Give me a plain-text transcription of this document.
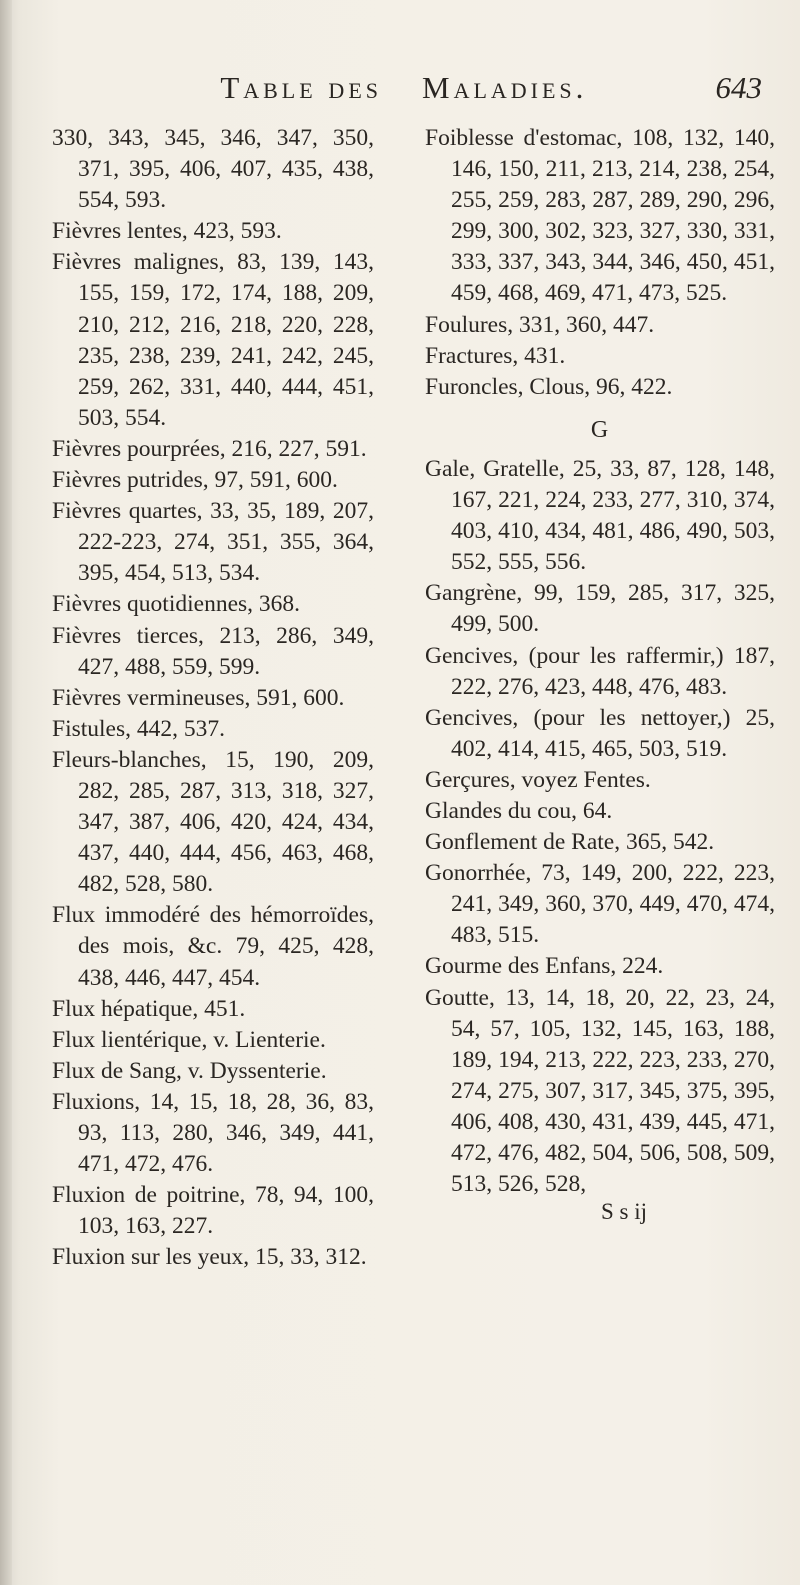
Table des Maladies.	643

330, 343, 345, 346, 347, 350, 371, 395, 406, 407, 435, 438, 554, 593.

Fièvres lentes, 423, 593.

Fièvres malignes, 83, 139, 143, 155, 159, 172, 174, 188, 209, 210, 212, 216, 218, 220, 228, 235, 238, 239, 241, 242, 245, 259, 262, 331, 440, 444, 451, 503, 554.

Fièvres pourprées, 216, 227, 591.

Fièvres putrides, 97, 591, 600.

Fièvres quartes, 33, 35, 189, 207, 222-223, 274, 351, 355, 364, 395, 454, 513, 534.

Fièvres quotidiennes, 368.

Fièvres tierces, 213, 286, 349, 427, 488, 559, 599.

Fièvres vermineuses, 591, 600.

Fistules, 442, 537.

Fleurs-blanches, 15, 190, 209, 282, 285, 287, 313, 318, 327, 347, 387, 406, 420, 424, 434, 437, 440, 444, 456, 463, 468, 482, 528, 580.

Flux immodéré des hémorroïdes, des mois, &c. 79, 425, 428, 438, 446, 447, 454.

Flux hépatique, 451.

Flux lientérique, v. Lienterie.

Flux de Sang, v. Dyssenterie.

Fluxions, 14, 15, 18, 28, 36, 83, 93, 113, 280, 346, 349, 441, 471, 472, 476.

Fluxion de poitrine, 78, 94, 100, 103, 163, 227.

Fluxion sur les yeux, 15, 33, 312.

Foiblesse d'estomac, 108, 132, 140, 146, 150, 211, 213, 214, 238, 254, 255, 259, 283, 287, 289, 290, 296, 299, 300, 302, 323, 327, 330, 331, 333, 337, 343, 344, 346, 450, 451, 459, 468, 469, 471, 473, 525.

Foulures, 331, 360, 447.

Fractures, 431.

Furoncles, Clous, 96, 422.

G

Gale, Gratelle, 25, 33, 87, 128, 148, 167, 221, 224, 233, 277, 310, 374, 403, 410, 434, 481, 486, 490, 503, 552, 555, 556.

Gangrène, 99, 159, 285, 317, 325, 499, 500.

Gencives, (pour les raffermir,) 187, 222, 276, 423, 448, 476, 483.

Gencives, (pour les nettoyer,) 25, 402, 414, 415, 465, 503, 519.

Gerçures, voyez Fentes.

Glandes du cou, 64.

Gonflement de Rate, 365, 542.

Gonorrhée, 73, 149, 200, 222, 223, 241, 349, 360, 370, 449, 470, 474, 483, 515.

Gourme des Enfans, 224.

Goutte, 13, 14, 18, 20, 22, 23, 24, 54, 57, 105, 132, 145, 163, 188, 189, 194, 213, 222, 223, 233, 270, 274, 275, 307, 317, 345, 375, 395, 406, 408, 430, 431, 439, 445, 471, 472, 476, 482, 504, 506, 508, 509, 513, 526, 528,

S s ij
